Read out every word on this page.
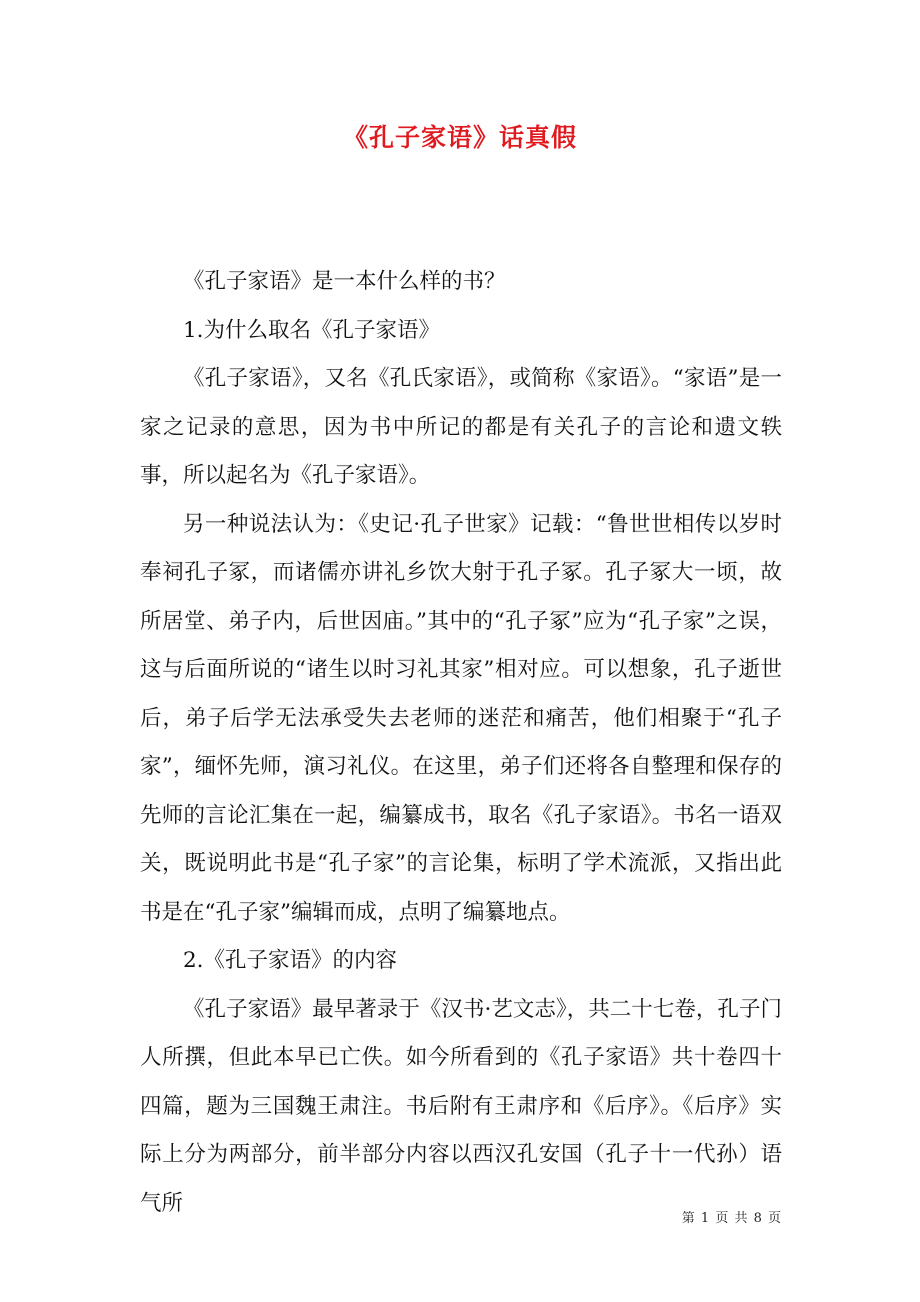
《孔子家语》话真假

《孔子家语》是一本什么样的书？

1.为什么取名《孔子家语》

《孔子家语》，又名《孔氏家语》，或简称《家语》。“家语”是一家之记录的意思，因为书中所记的都是有关孔子的言论和遗文轶事，所以起名为《孔子家语》。

另一种说法认为：《史记·孔子世家》记载：“鲁世世相传以岁时奉祠孔子冢，而诸儒亦讲礼乡饮大射于孔子冢。孔子冢大一顷，故所居堂、弟子内，后世因庙。”其中的“孔子冢”应为“孔子家”之误，这与后面所说的“诸生以时习礼其家”相对应。可以想象，孔子逝世后，弟子后学无法承受失去老师的迷茫和痛苦，他们相聚于“孔子家”，缅怀先师，演习礼仪。在这里，弟子们还将各自整理和保存的先师的言论汇集在一起，编纂成书，取名《孔子家语》。书名一语双关，既说明此书是“孔子家”的言论集，标明了学术流派，又指出此书是在“孔子家”编辑而成，点明了编纂地点。

2.《孔子家语》的内容

《孔子家语》最早著录于《汉书·艺文志》，共二十七卷，孔子门人所撰，但此本早已亡佚。如今所看到的《孔子家语》共十卷四十四篇，题为三国魏王肃注。书后附有王肃序和《后序》。《后序》实际上分为两部分，前半部分内容以西汉孔安国（孔子十一代孙）语气所

第 1 页 共 8 页
